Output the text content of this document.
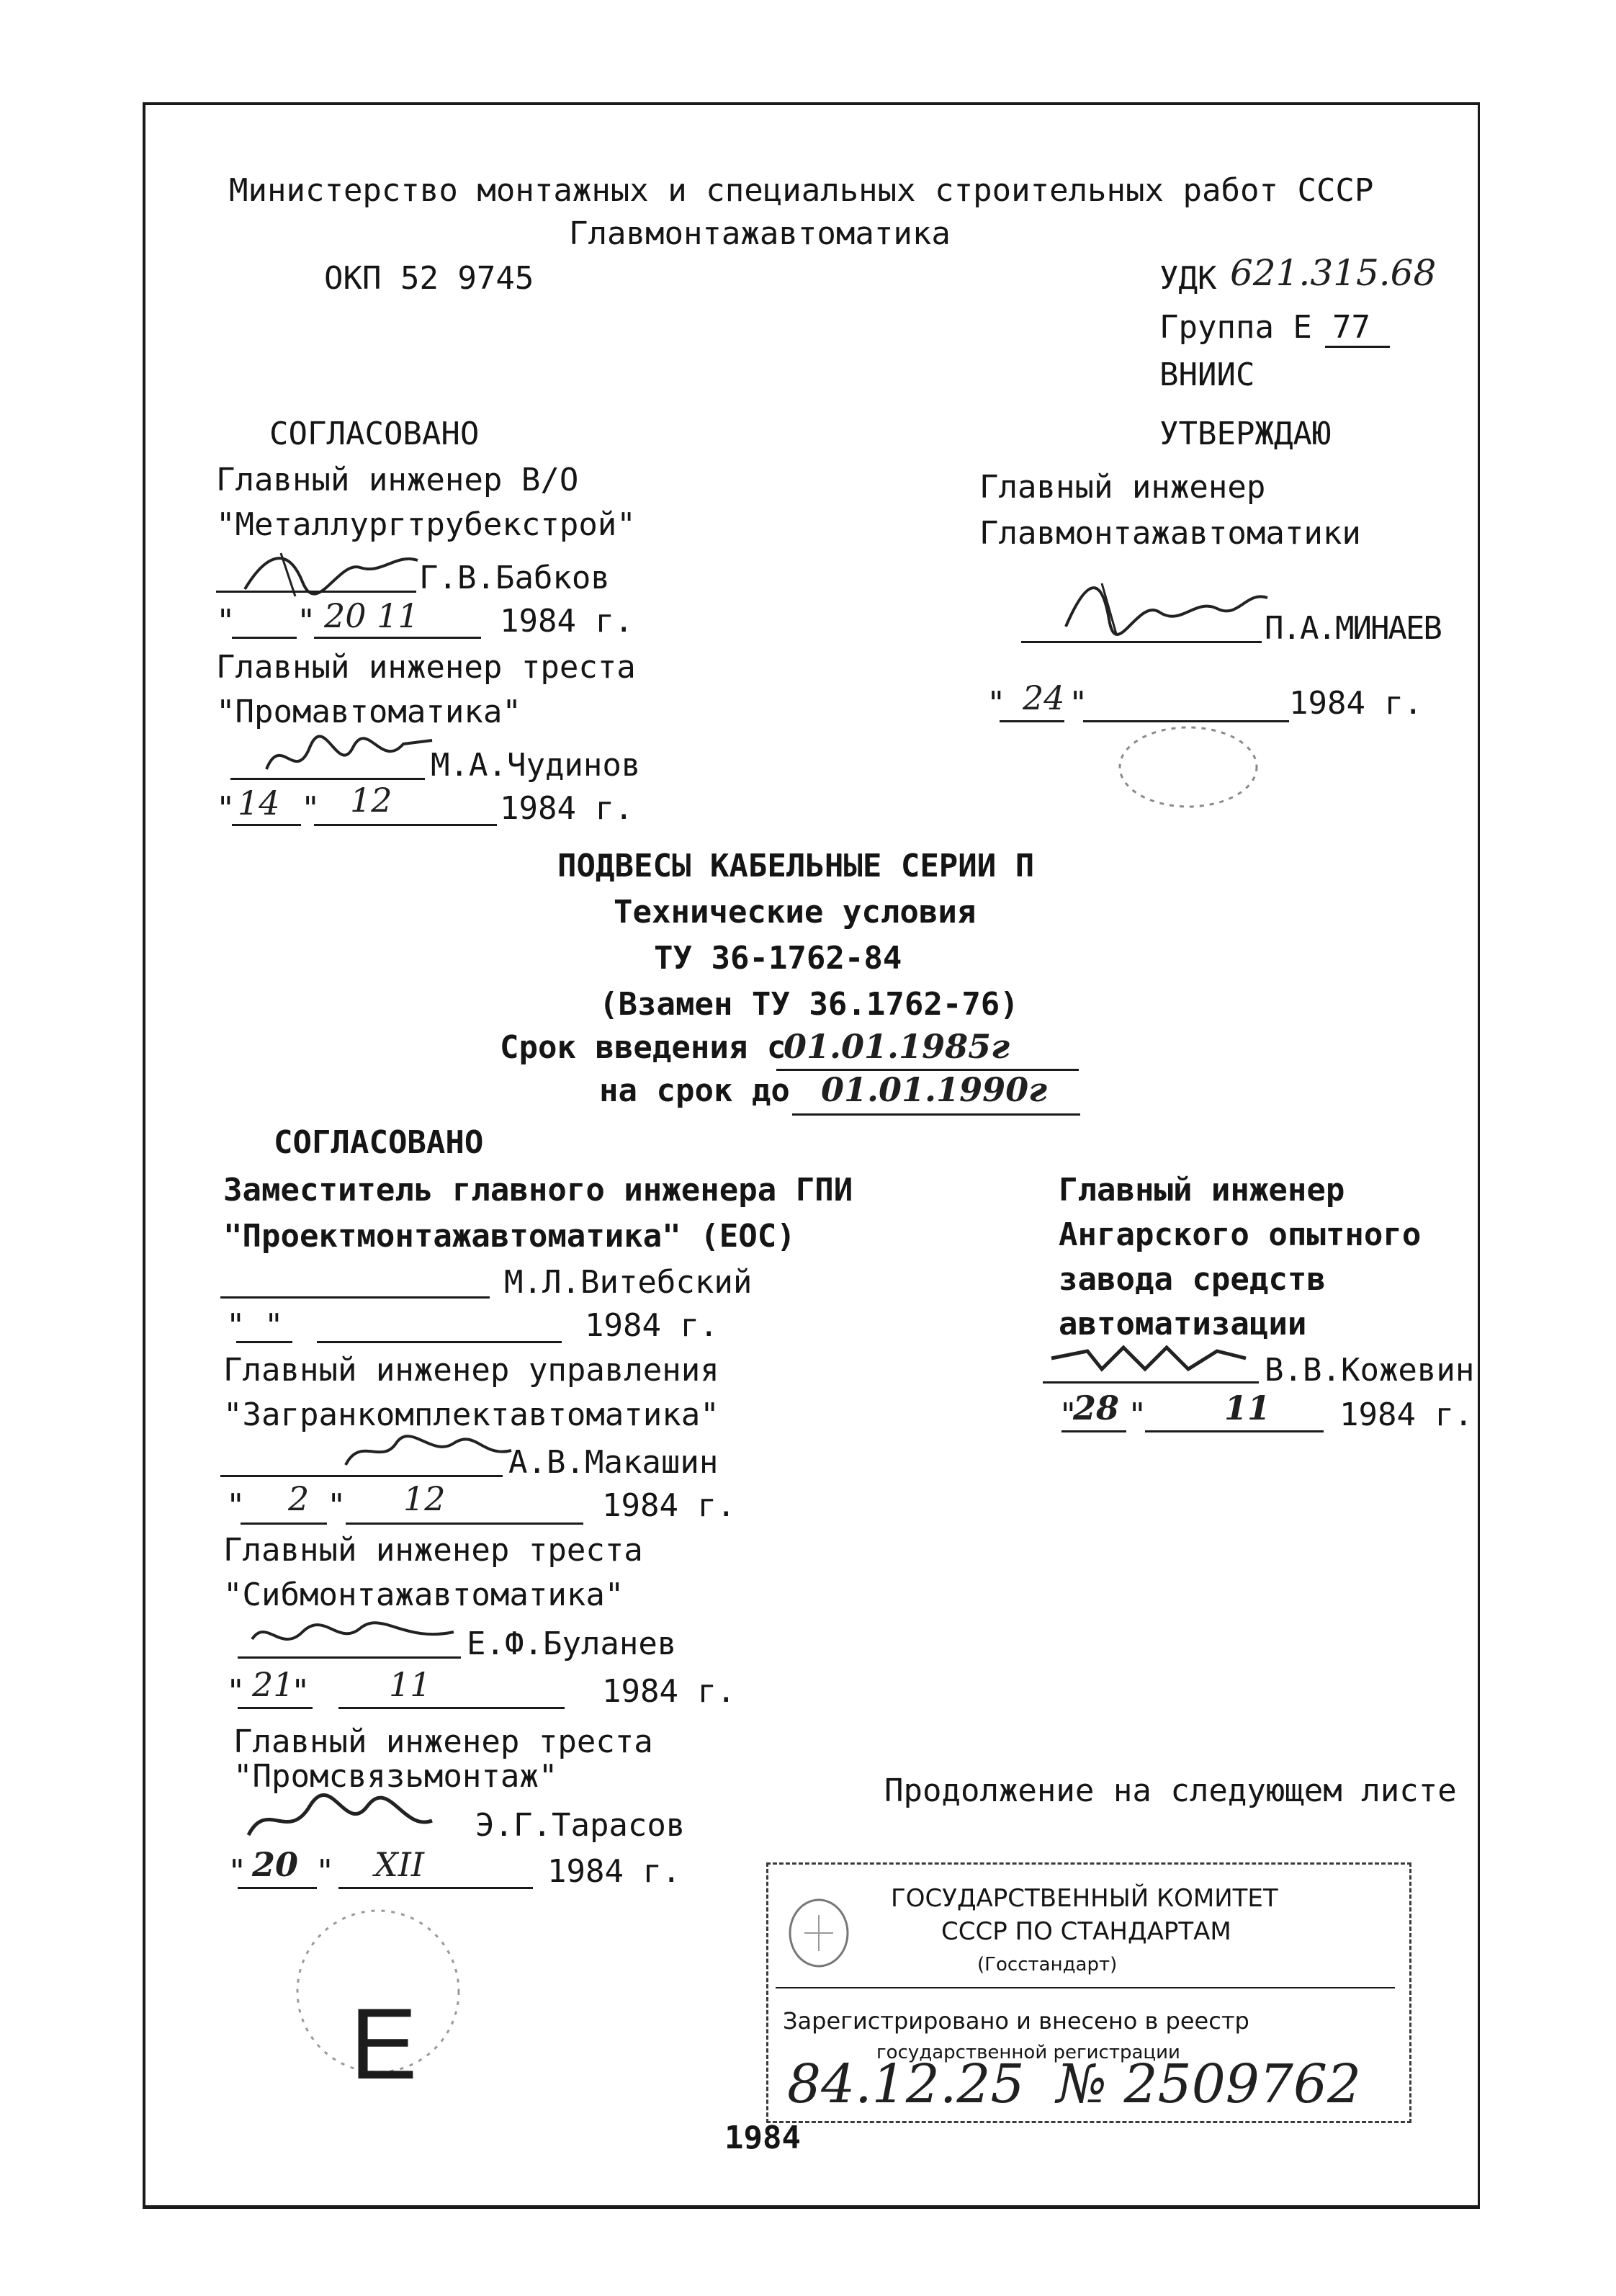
Министерство монтажных и специальных строительных работ СССР
Главмонтажавтоматика
ОКП 52 9745	УДК 621.315.68
Группа Е 77
ВНИИС
СОГЛАСОВАНО
Главный инженер В/О
"Металлургтрубекстрой"
Г.В.Бабков
" " 20 11	1984 г.
Главный инженер треста
"Промавтоматика"
М.А.Чудинов
" 14 " 12	1984 г.
УТВЕРЖДАЮ
Главный инженер
Главмонтажавтоматики
П.А.МИНАЕВ
" 24 "	1984 г.
ПОДВЕСЫ КАБЕЛЬНЫЕ СЕРИИ П
Технические условия
ТУ 36-1762-84
(Взамен ТУ 36.1762-76)
Срок введения с
01.01.1985г
на срок до 01.01.1990г
СОГЛАСОВАНО
Заместитель главного инженера ГПИ
"Проектмонтажавтоматика" (ЕОС)
М.Л.Витебский
" "	1984 г.
Главный инженер управления
"Загранкомплектавтоматика"
А.В.Макашин
" 2 " 12	1984 г.
Главный инженер треста
"Сибмонтажавтоматика"
Е.Ф.Буланев
" 21
" 11	1984 г.
Главный инженер треста
"Промсвязьмонтаж"
Э.Г.Тарасов
" 20 " XII	1984 г.
Главный инженер
Ангарского опытного
завода средств
автоматизации
В.В.Кожевин
"
28 " 11 1984 г.
Продолжение на следующем листе
ГОСУДАРСТВЕННЫЙ КОМИТЕТ
СССР ПО СТАНДАРТАМ
(Госстандарт)
Зарегистрировано и внесено в реестр
государственной регистрации
84.12.25 № 2509762
E
1984
